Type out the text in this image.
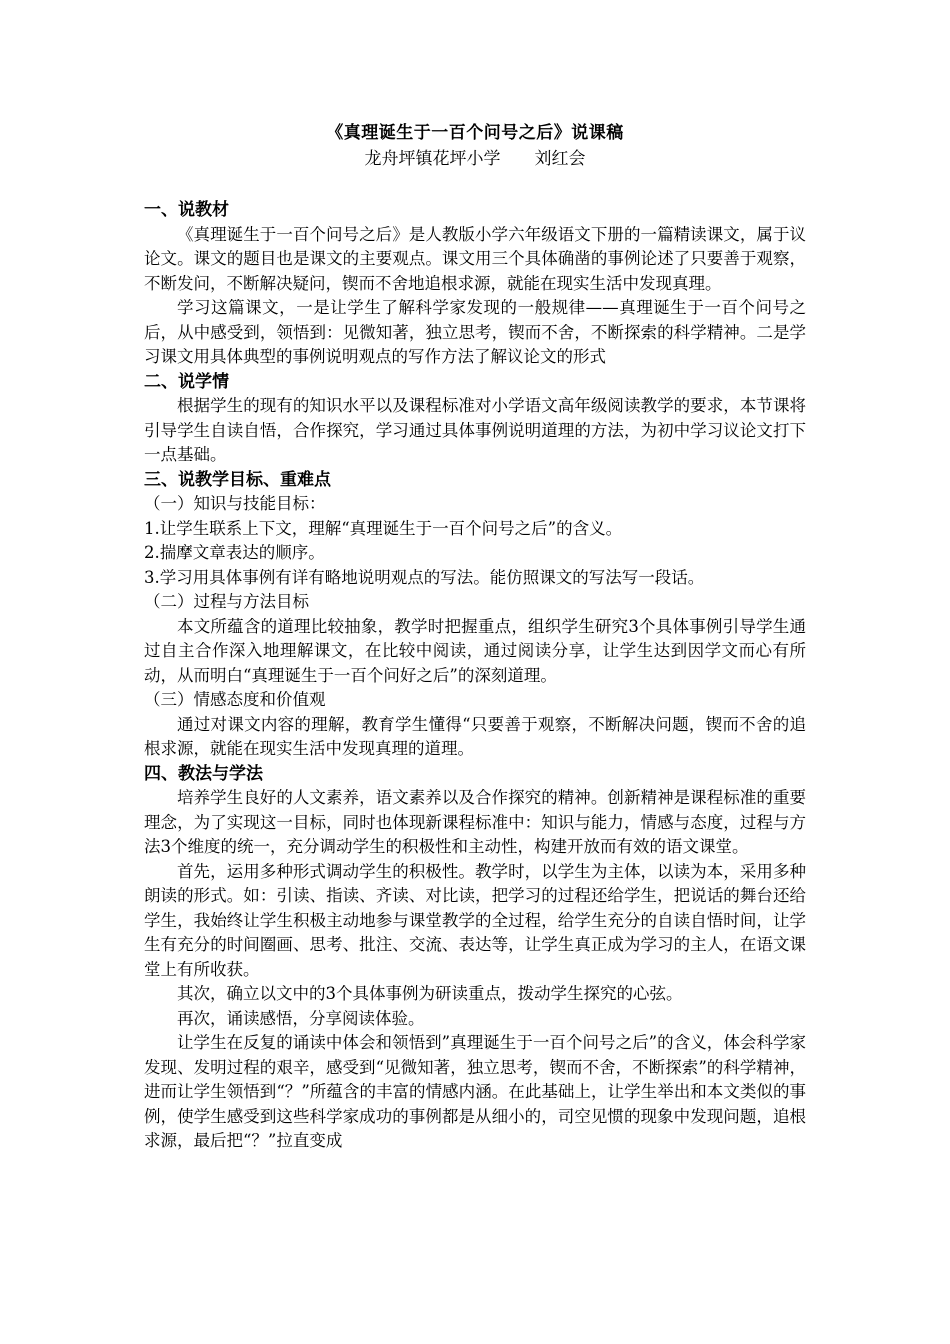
《真理诞生于一百个问号之后》说课稿
龙舟坪镇花坪小学 刘红会
一、说教材

《真理诞生于一百个问号之后》是人教版小学六年级语文下册的一篇精读课文，属于议论文。课文的题目也是课文的主要观点。课文用三个具体确凿的事例论述了只要善于观察，不断发问，不断解决疑问，锲而不舍地追根求源，就能在现实生活中发现真理。

学习这篇课文，一是让学生了解科学家发现的一般规律——真理诞生于一百个问号之后，从中感受到，领悟到：见微知著，独立思考，锲而不舍，不断探索的科学精神。二是学习课文用具体典型的事例说明观点的写作方法了解议论文的形式

二、说学情

根据学生的现有的知识水平以及课程标准对小学语文高年级阅读教学的要求，本节课将引导学生自读自悟，合作探究，学习通过具体事例说明道理的方法，为初中学习议论文打下一点基础。

三、说教学目标、重难点

（一）知识与技能目标：

1.让学生联系上下文，理解“真理诞生于一百个问号之后”的含义。

2.揣摩文章表达的顺序。

3.学习用具体事例有详有略地说明观点的写法。能仿照课文的写法写一段话。

（二）过程与方法目标

本文所蕴含的道理比较抽象，教学时把握重点，组织学生研究3个具体事例引导学生通过自主合作深入地理解课文，在比较中阅读，通过阅读分享，让学生达到因学文而心有所动，从而明白“真理诞生于一百个问好之后”的深刻道理。

（三）情感态度和价值观

通过对课文内容的理解，教育学生懂得“只要善于观察，不断解决问题，锲而不舍的追根求源，就能在现实生活中发现真理的道理。

四、教法与学法

培养学生良好的人文素养，语文素养以及合作探究的精神。创新精神是课程标准的重要理念，为了实现这一目标，同时也体现新课程标准中：知识与能力，情感与态度，过程与方法3个维度的统一，充分调动学生的积极性和主动性，构建开放而有效的语文课堂。

首先，运用多种形式调动学生的积极性。教学时，以学生为主体，以读为本，采用多种朗读的形式。如：引读、指读、齐读、对比读，把学习的过程还给学生，把说话的舞台还给学生，我始终让学生积极主动地参与课堂教学的全过程，给学生充分的自读自悟时间，让学生有充分的时间圈画、思考、批注、交流、表达等，让学生真正成为学习的主人，在语文课堂上有所收获。

其次，确立以文中的3个具体事例为研读重点，拨动学生探究的心弦。

再次，诵读感悟，分享阅读体验。

让学生在反复的诵读中体会和领悟到”真理诞生于一百个问号之后”的含义，体会科学家发现、发明过程的艰辛，感受到“见微知著，独立思考，锲而不舍，不断探索”的科学精神，进而让学生领悟到“？”所蕴含的丰富的情感内涵。在此基础上，让学生举出和本文类似的事例，使学生感受到这些科学家成功的事例都是从细小的，司空见惯的现象中发现问题，追根求源，最后把“？”拉直变成
